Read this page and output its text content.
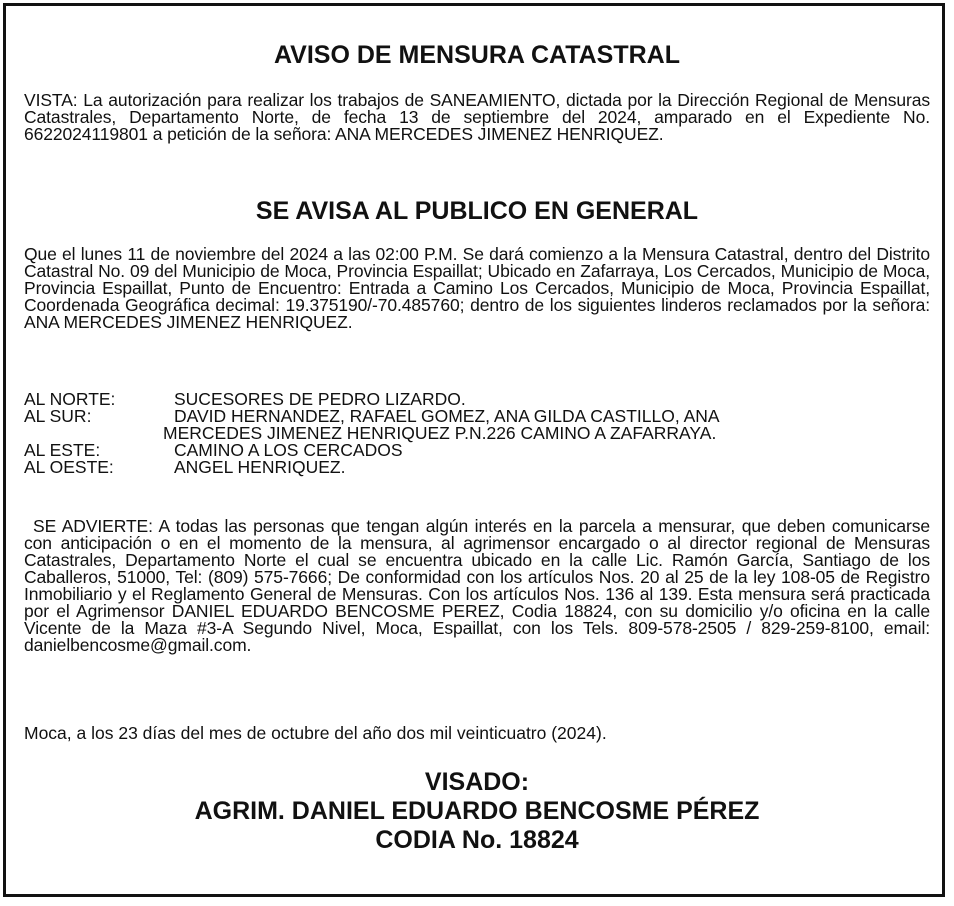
AVISO DE MENSURA CATASTRAL

VISTA: La autorización para realizar los trabajos de SANEAMIENTO, dictada por la Dirección Regional de Mensuras Catastrales, Departamento Norte, de fecha 13 de septiembre del 2024, amparado en el Expediente No. 6622024119801 a petición de la señora: ANA MERCEDES JIMENEZ HENRIQUEZ.

SE AVISA AL PUBLICO EN GENERAL

Que el lunes 11 de noviembre del 2024 a las 02:00 P.M. Se dará comienzo a la Mensura Catastral, dentro del Distrito Catastral No. 09 del Municipio de Moca, Provincia Espaillat; Ubicado en Zafarraya, Los Cercados, Municipio de Moca, Provincia Espaillat, Punto de Encuentro: Entrada a Camino Los Cercados, Municipio de Moca, Provincia Espaillat, Coordenada Geográfica decimal: 19.375190/-70.485760; dentro de los siguientes linderos reclamados por la señora: ANA MERCEDES JIMENEZ HENRIQUEZ.

AL NORTE:	SUCESORES DE PEDRO LIZARDO.
AL SUR:	DAVID HERNANDEZ, RAFAEL GOMEZ, ANA GILDA CASTILLO, ANA
MERCEDES JIMENEZ HENRIQUEZ P.N.226 CAMINO A ZAFARRAYA.
AL ESTE:	CAMINO A LOS CERCADOS
AL OESTE:	ANGEL HENRIQUEZ.

SE ADVIERTE: A todas las personas que tengan algún interés en la parcela a mensurar, que deben comunicarse con anticipación o en el momento de la mensura, al agrimensor encargado o al director regional de Mensuras Catastrales, Departamento Norte el cual se encuentra ubicado en la calle Lic. Ramón García, Santiago de los Caballeros, 51000, Tel: (809) 575-7666; De conformidad con los artículos Nos. 20 al 25 de la ley 108-05 de Registro Inmobiliario y el Reglamento General de Mensuras. Con los artículos Nos. 136 al 139. Esta mensura será practicada por el Agrimensor DANIEL EDUARDO BENCOSME PEREZ, Codia 18824, con su domicilio y/o oficina en la calle Vicente de la Maza #3-A Segundo Nivel, Moca, Espaillat, con los Tels. 809-578-2505 / 829-259-8100, email: danielbencosme@gmail.com.

Moca, a los 23 días del mes de octubre del año dos mil veinticuatro (2024).

VISADO:
AGRIM. DANIEL EDUARDO BENCOSME PÉREZ
CODIA No. 18824
